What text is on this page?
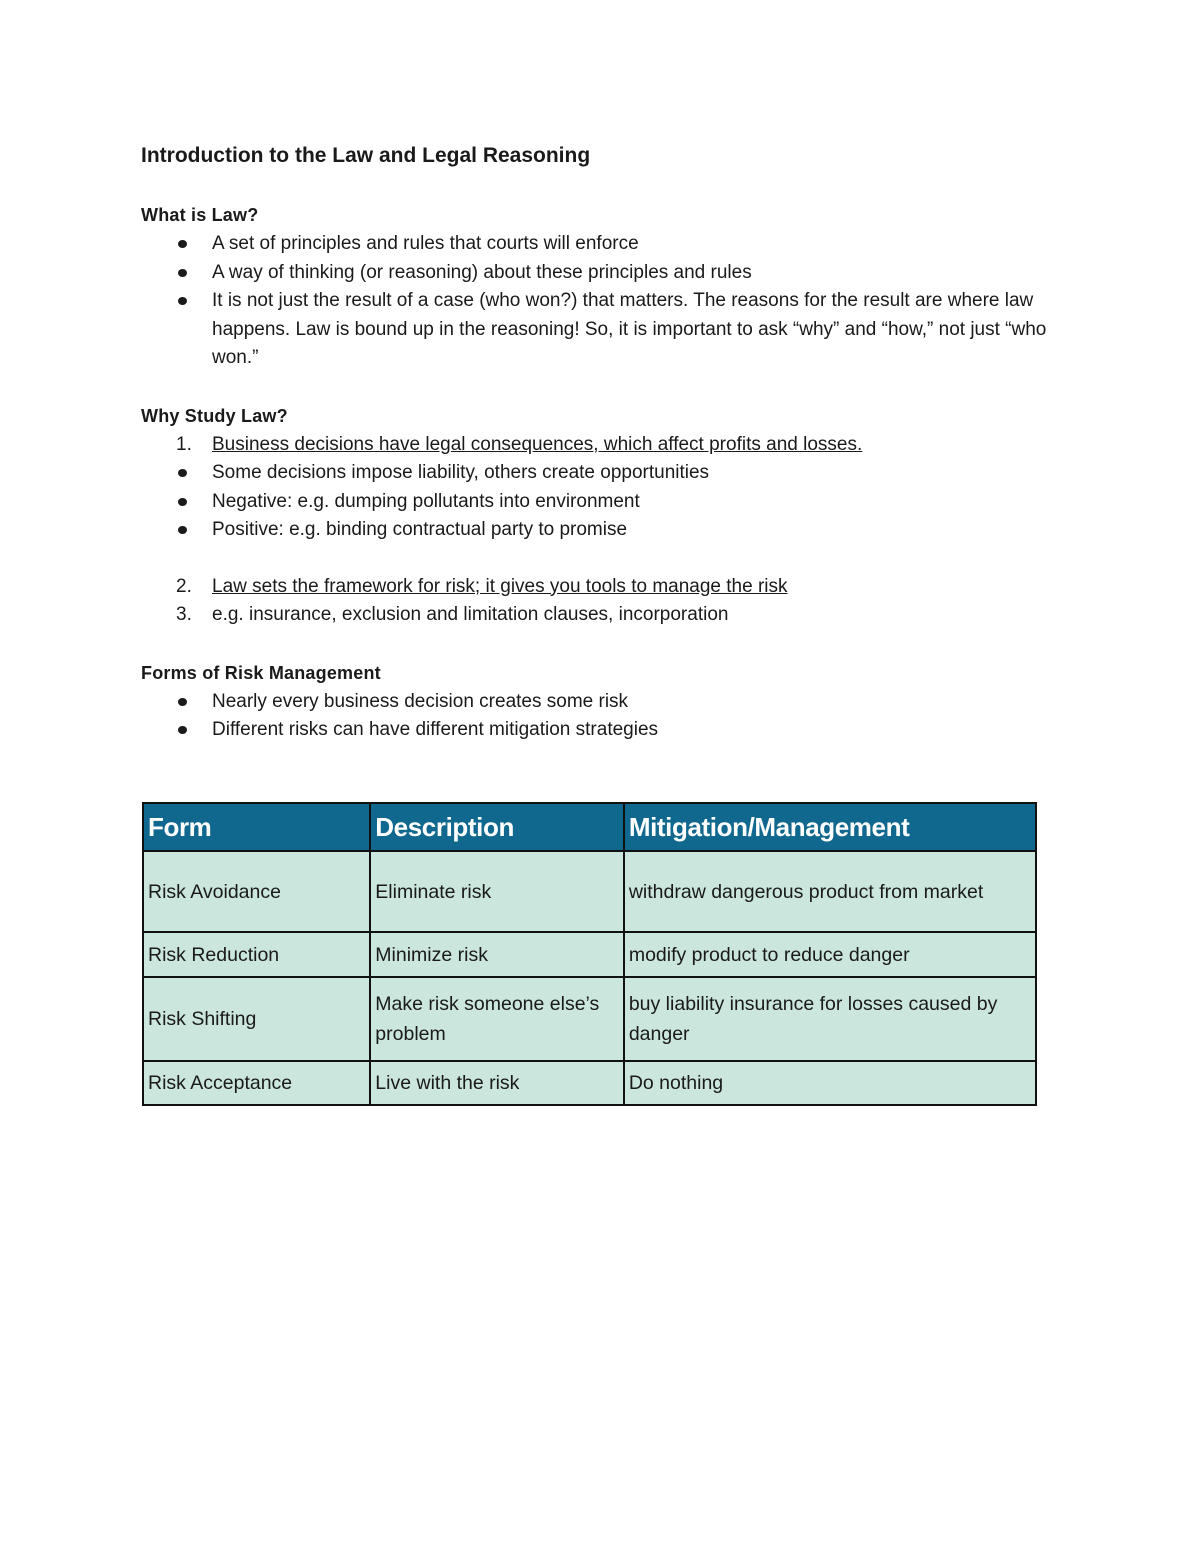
Introduction to the Law and Legal Reasoning
What is Law?
A set of principles and rules that courts will enforce
A way of thinking (or reasoning) about these principles and rules
It is not just the result of a case (who won?) that matters. The reasons for the result are where law happens. Law is bound up in the reasoning! So, it is important to ask “why” and “how,” not just “who won.”
Why Study Law?
1. Business decisions have legal consequences, which affect profits and losses.
Some decisions impose liability, others create opportunities
Negative: e.g. dumping pollutants into environment
Positive: e.g. binding contractual party to promise
2. Law sets the framework for risk; it gives you tools to manage the risk
3. e.g. insurance, exclusion and limitation clauses, incorporation
Forms of Risk Management
Nearly every business decision creates some risk
Different risks can have different mitigation strategies
Form	Description	Mitigation/Management
Risk Avoidance	Eliminate risk	withdraw dangerous product from market
Risk Reduction	Minimize risk	modify product to reduce danger
Risk Shifting	Make risk someone else’s problem	buy liability insurance for losses caused by danger
Risk Acceptance	Live with the risk	Do nothing
